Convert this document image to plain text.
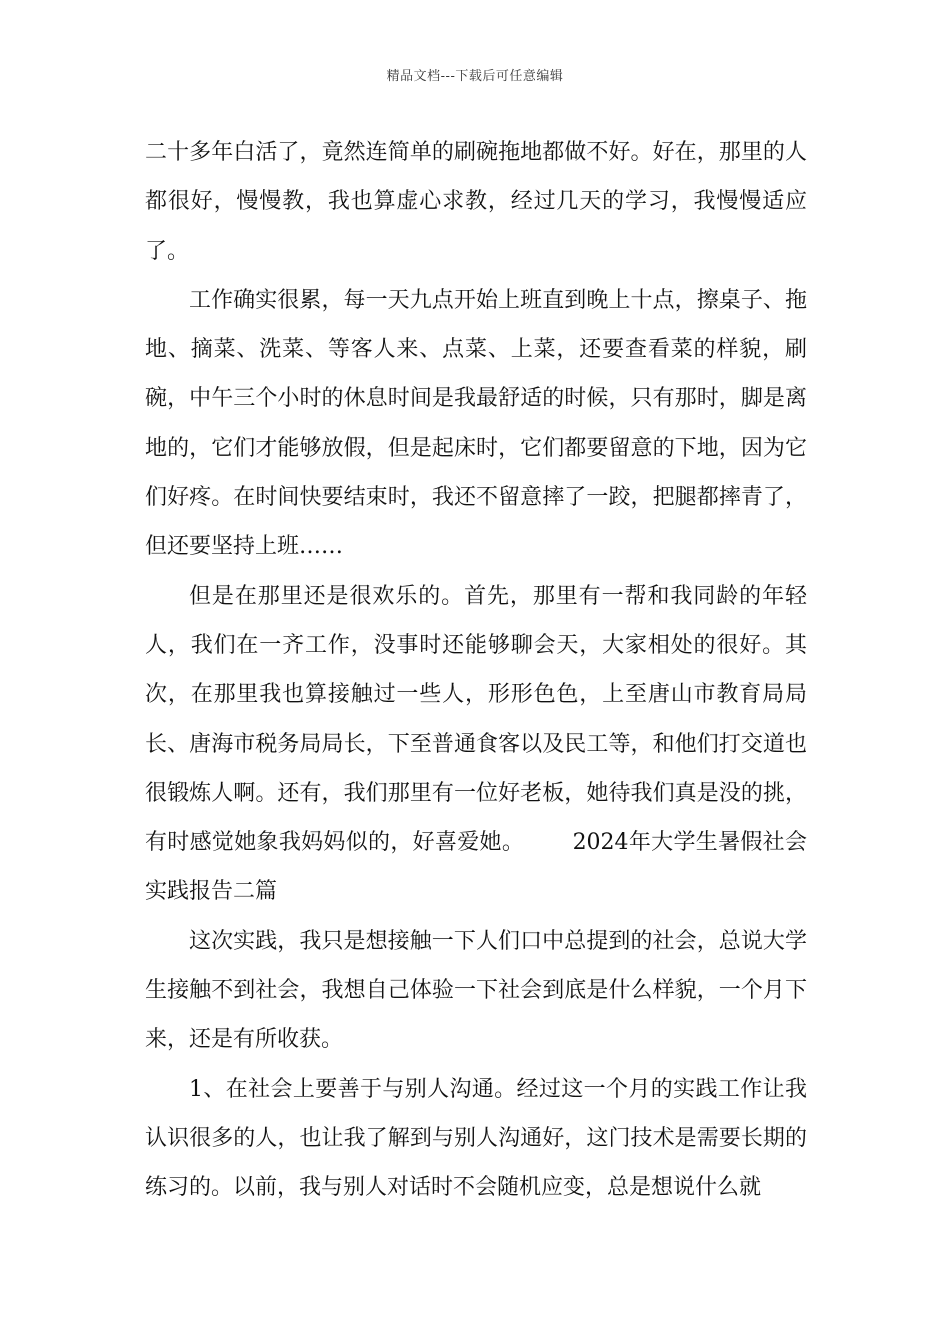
精品文档---下载后可任意编辑

二十多年白活了，竟然连简单的刷碗拖地都做不好。好在，那里的人都很好，慢慢教，我也算虚心求教，经过几天的学习，我慢慢适应了。

工作确实很累，每一天九点开始上班直到晚上十点，擦桌子、拖地、摘菜、洗菜、等客人来、点菜、上菜，还要查看菜的样貌，刷碗，中午三个小时的休息时间是我最舒适的时候，只有那时，脚是离地的，它们才能够放假，但是起床时，它们都要留意的下地，因为它们好疼。在时间快要结束时，我还不留意摔了一跤，把腿都摔青了，但还要坚持上班……

但是在那里还是很欢乐的。首先，那里有一帮和我同龄的年轻人，我们在一齐工作，没事时还能够聊会天，大家相处的很好。其次，在那里我也算接触过一些人，形形色色，上至唐山市教育局局长、唐海市税务局局长，下至普通食客以及民工等，和他们打交道也很锻炼人啊。还有，我们那里有一位好老板，她待我们真是没的挑，有时感觉她象我妈妈似的，好喜爱她。 2024年大学生暑假社会实践报告二篇

这次实践，我只是想接触一下人们口中总提到的社会，总说大学生接触不到社会，我想自己体验一下社会到底是什么样貌，一个月下来，还是有所收获。

1、在社会上要善于与别人沟通。经过这一个月的实践工作让我认识很多的人，也让我了解到与别人沟通好，这门技术是需要长期的练习的。以前，我与别人对话时不会随机应变，总是想说什么就
